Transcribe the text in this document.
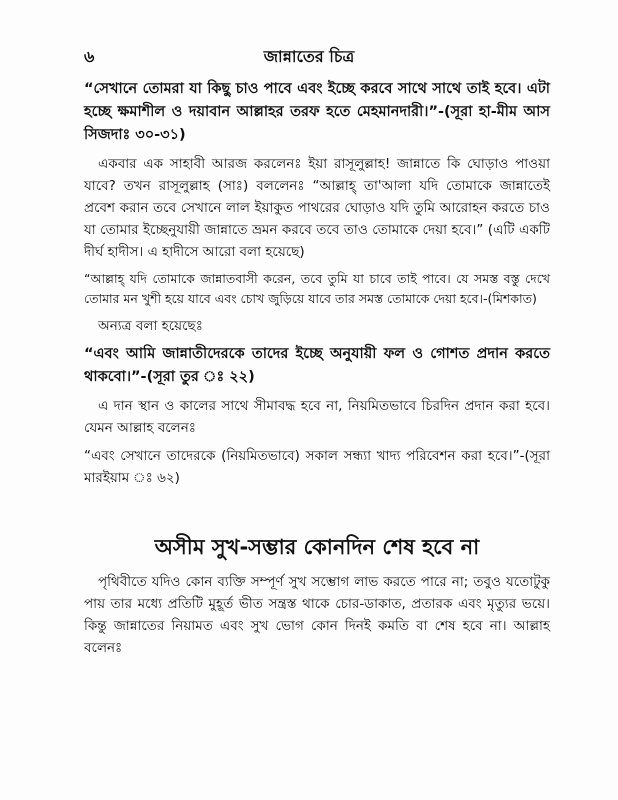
৬	জান্নাতের চিত্র

“সেখানে তোমরা যা কিছু চাও পাবে এবং ইচ্ছে করবে সাথে সাথে তাই হবে। এটা হচ্ছে ক্ষমাশীল ও দয়াবান আল্লাহর তরফ হতে মেহমানদারী।”-(সূরা হা-মীম আস সিজদাঃ ৩০-৩১)

একবার এক সাহাবী আরজ করলেনঃ ইয়া রাসূলুল্লাহ! জান্নাতে কি ঘোড়াও পাওয়া যাবে? তখন রাসূলুল্লাহ (সাঃ) বললেনঃ “আল্লাহ্ তা'আলা যদি তোমাকে জান্নাতেই প্রবেশ করান তবে সেখানে লাল ইয়াকুত পাথরের ঘোড়াও যদি তুমি আরোহন করতে চাও যা তোমার ইচ্ছেনুযায়ী জান্নাতে ভ্রমন করবে তবে তাও তোমাকে দেয়া হবে।” (এটি একটি দীর্ঘ হাদীস। এ হাদীসে আরো বলা হয়েছে)

“আল্লাহ্ যদি তোমাকে জান্নাতবাসী করেন, তবে তুমি যা চাবে তাই পাবে। যে সমস্ত বস্তু দেখে তোমার মন খুশী হয়ে যাবে এবং চোখ জুড়িয়ে যাবে তার সমস্ত তোমাকে দেয়া হবে।-(মিশকাত)

অন্যত্র বলা হয়েছেঃ

“এবং আমি জান্নাতীদেরকে তাদের ইচ্ছে অনুযায়ী ফল ও গোশত প্রদান করতে থাকবো।”-(সূরা তুর ঃ ২২)

এ দান স্থান ও কালের সাথে সীমাবদ্ধ হবে না, নিয়মিতভাবে চিরদিন প্রদান করা হবে। যেমন আল্লাহ বলেনঃ

“এবং সেখানে তাদেরকে (নিয়মিতভাবে) সকাল সন্ধ্যা খাদ্য পরিবেশন করা হবে।”-(সূরা মারইয়াম ঃ ৬২)

অসীম সুখ-সম্ভার কোনদিন শেষ হবে না

পৃথিবীতে যদিও কোন ব্যক্তি সম্পূর্ণ সুখ সম্ভোগ লাভ করতে পারে না; তবুও যতোটুকু পায় তার মধ্যে প্রতিটি মুহূর্ত ভীত সন্ত্রস্ত থাকে চোর-ডাকাত, প্রতারক এবং মৃত্যুর ভয়ে। কিন্তু জান্নাতের নিয়ামত এবং সুখ ভোগ কোন দিনই কমতি বা শেষ হবে না। আল্লাহ বলেনঃ
